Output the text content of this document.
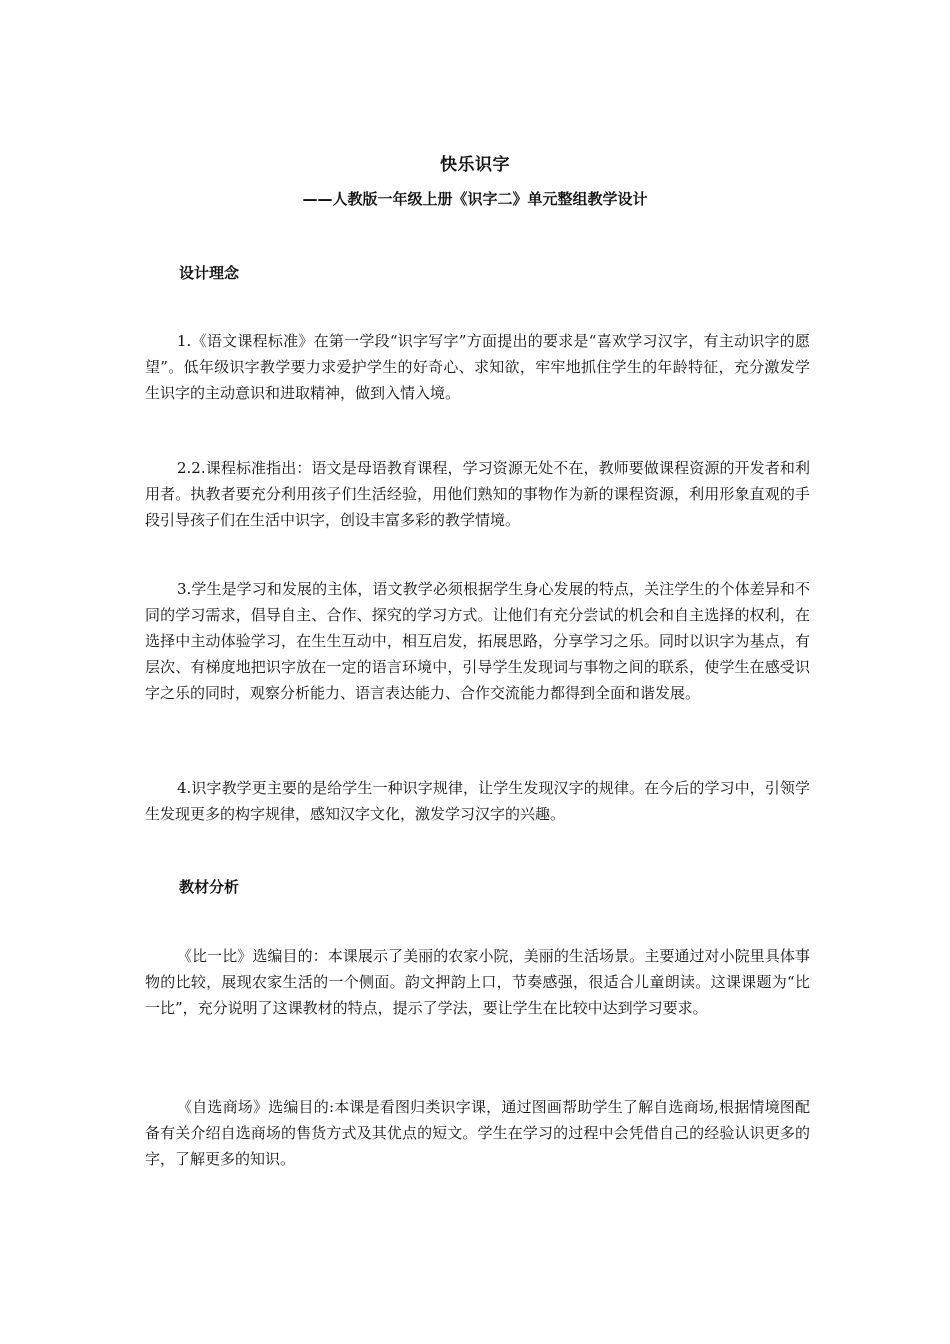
快乐识字
——人教版一年级上册《识字二》单元整组教学设计
设计理念

1.《语文课程标准》在第一学段“识字写字”方面提出的要求是“喜欢学习汉字，有主动识字的愿望”。低年级识字教学要力求爱护学生的好奇心、求知欲，牢牢地抓住学生的年龄特征，充分激发学生识字的主动意识和进取精神，做到入情入境。

2.2.课程标准指出：语文是母语教育课程，学习资源无处不在，教师要做课程资源的开发者和利用者。执教者要充分利用孩子们生活经验，用他们熟知的事物作为新的课程资源，利用形象直观的手段引导孩子们在生活中识字，创设丰富多彩的教学情境。

3.学生是学习和发展的主体，语文教学必须根据学生身心发展的特点，关注学生的个体差异和不同的学习需求，倡导自主、合作、探究的学习方式。让他们有充分尝试的机会和自主选择的权利，在选择中主动体验学习，在生生互动中，相互启发，拓展思路，分享学习之乐。同时以识字为基点，有层次、有梯度地把识字放在一定的语言环境中，引导学生发现词与事物之间的联系，使学生在感受识字之乐的同时，观察分析能力、语言表达能力、合作交流能力都得到全面和谐发展。

4.识字教学更主要的是给学生一种识字规律，让学生发现汉字的规律。在今后的学习中，引领学生发现更多的构字规律，感知汉字文化，激发学习汉字的兴趣。

教材分析

《比一比》选编目的：本课展示了美丽的农家小院，美丽的生活场景。主要通过对小院里具体事物的比较，展现农家生活的一个侧面。韵文押韵上口，节奏感强，很适合儿童朗读。这课课题为“比一比”，充分说明了这课教材的特点，提示了学法，要让学生在比较中达到学习要求。

《自选商场》选编目的:本课是看图归类识字课，通过图画帮助学生了解自选商场,根据情境图配备有关介绍自选商场的售货方式及其优点的短文。学生在学习的过程中会凭借自己的经验认识更多的字，了解更多的知识。
